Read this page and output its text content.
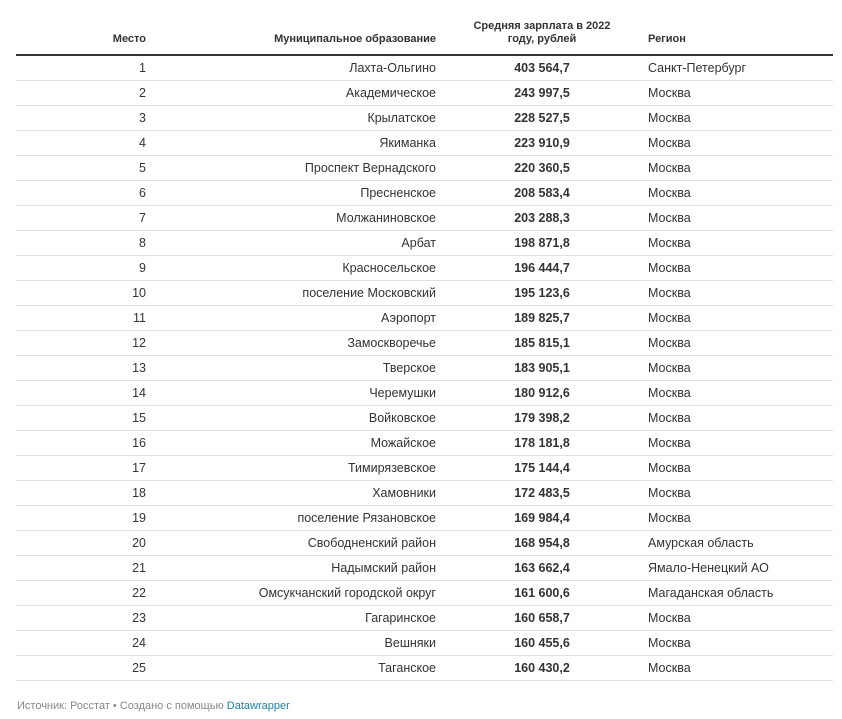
Место	Муниципальное образование	Средняя зарплата в 2022 году, рублей	Регион
1	Лахта-Ольгино	403 564,7	Санкт-Петербург
2	Академическое	243 997,5	Москва
3	Крылатское	228 527,5	Москва
4	Якиманка	223 910,9	Москва
5	Проспект Вернадского	220 360,5	Москва
6	Пресненское	208 583,4	Москва
7	Молжаниновское	203 288,3	Москва
8	Арбат	198 871,8	Москва
9	Красносельское	196 444,7	Москва
10	поселение Московский	195 123,6	Москва
11	Аэропорт	189 825,7	Москва
12	Замоскворечье	185 815,1	Москва
13	Тверское	183 905,1	Москва
14	Черемушки	180 912,6	Москва
15	Войковское	179 398,2	Москва
16	Можайское	178 181,8	Москва
17	Тимирязевское	175 144,4	Москва
18	Хамовники	172 483,5	Москва
19	поселение Рязановское	169 984,4	Москва
20	Свободненский район	168 954,8	Амурская область
21	Надымский район	163 662,4	Ямало-Ненецкий АО
22	Омсукчанский городской округ	161 600,6	Магаданская область
23	Гагаринское	160 658,7	Москва
24	Вешняки	160 455,6	Москва
25	Таганское	160 430,2	Москва
Источник: Росстат • Создано с помощью Datawrapper
